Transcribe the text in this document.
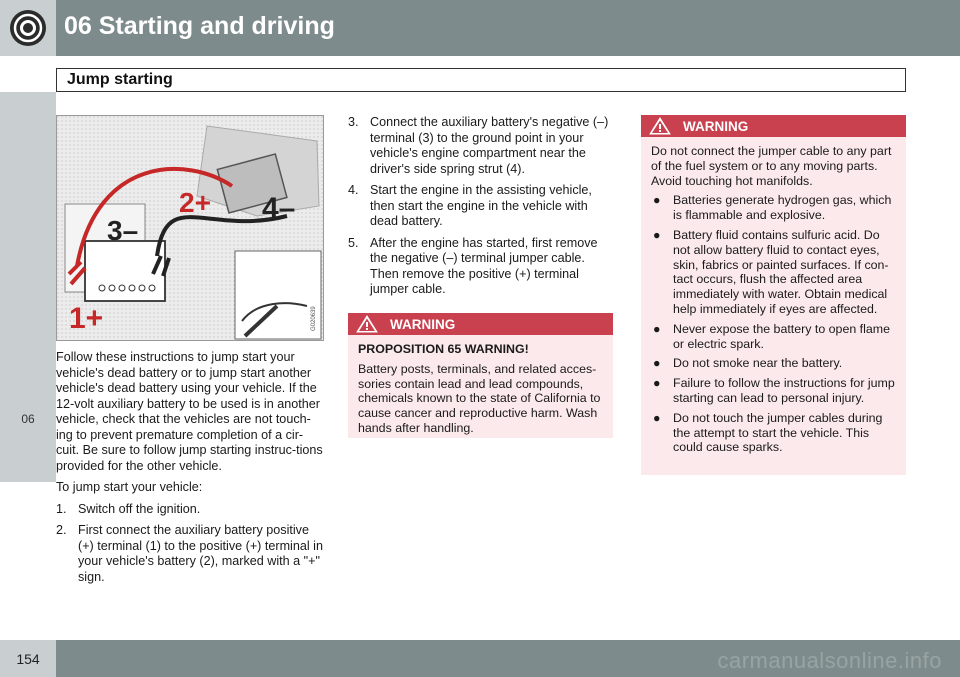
06 Starting and driving
Jump starting
06
1+
2+
3–
4–
G020639

Follow these instructions to jump start your vehicle's dead battery or to jump start another vehicle's dead battery using your vehicle. If the 12-volt auxiliary battery to be used is in another vehicle, check that the vehicles are not touch-ing to prevent premature completion of a cir-cuit. Be sure to follow jump starting instruc-tions provided for the other vehicle.

To jump start your vehicle:

1. Switch off the ignition.
2. First connect the auxiliary battery positive (+) terminal (1) to the positive (+) terminal in your vehicle's battery (2), marked with a "+" sign.
3. Connect the auxiliary battery's negative (–) terminal (3) to the ground point in your vehicle's engine compartment near the driver's side spring strut (4).
4. Start the engine in the assisting vehicle, then start the engine in the vehicle with dead battery.
5. After the engine has started, first remove the negative (–) terminal jumper cable. Then remove the positive (+) terminal jumper cable.
WARNING

PROPOSITION 65 WARNING!

Battery posts, terminals, and related acces-sories contain lead and lead compounds, chemicals known to the state of California to cause cancer and reproductive harm. Wash hands after handling.

WARNING

Do not connect the jumper cable to any part of the fuel system or to any moving parts. Avoid touching hot manifolds.

●	Batteries generate hydrogen gas, which is flammable and explosive.
●	Battery fluid contains sulfuric acid. Do not allow battery fluid to contact eyes, skin, fabrics or painted surfaces. If con-tact occurs, flush the affected area immediately with water. Obtain medical help immediately if eyes are affected.
●	Never expose the battery to open flame or electric spark.
●	Do not smoke near the battery.
●	Failure to follow the instructions for jump starting can lead to personal injury.
●	Do not touch the jumper cables during the attempt to start the vehicle. This could cause sparks.
154	carmanualsonline.info
